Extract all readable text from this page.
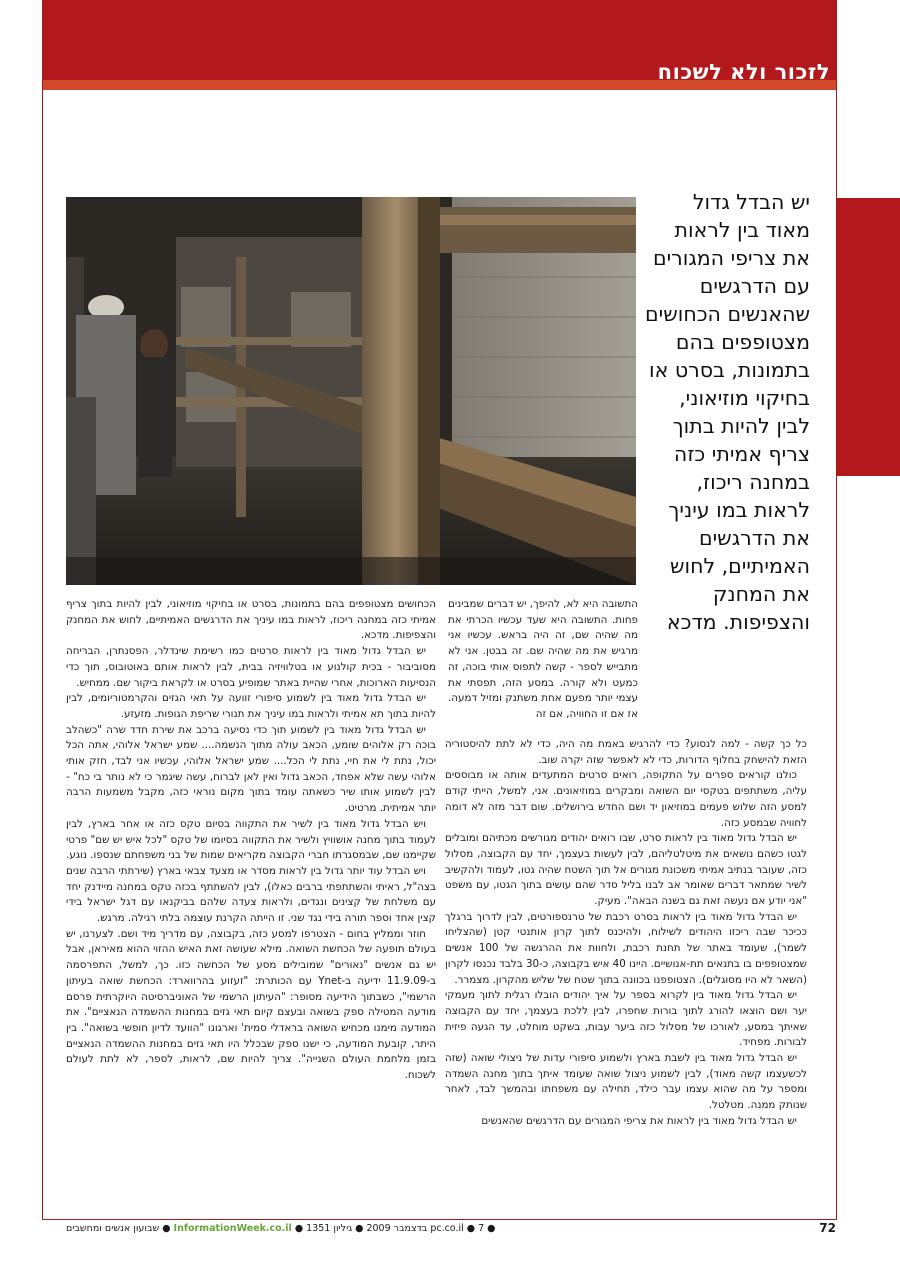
לזכור ולא לשכוח
יש הבדל גדול מאוד בין לראות את צריפי המגורים עם הדרגשים שהאנשים הכחושים מצטופפים בהם בתמונות, בסרט או בחיקוי מוזיאוני, לבין להיות בתוך צריף אמיתי כזה במחנה ריכוז, לראות במו עיניך את הדרגשים האמיתיים, לחוש את המחנק והצפיפות. מדכא

התשובה היא לא, להיפך, יש דברים שמבינים פחות. התשובה היא שעד עכשיו הכרתי את מה שהיה שם, זה היה בראש. עכשיו אני מרגיש את מה שהיה שם. זה בבטן. אני לא מתבייש לספר - קשה לתפוס אותי בוכה, זה כמעט ולא קורה. במסע הזה, תפסתי את עצמי יותר מפעם אחת משתנק ומזיל דמעה. אז אם זו החוויה, אם זה

כל כך קשה - למה לנסוע? כדי להרגיש באמת מה היה, כדי לא לתת להיסטוריה הזאת להישחק בחלוף הדורות, כדי לא לאפשר שזה יקרה שוב.

כולנו קוראים ספרים על התקופה, רואים סרטים המתעדים אותה או מבוססים עליה, משתתפים בטקסי יום השואה ומבקרים במוזיאונים. אני, למשל, הייתי קודם למסע הזה שלוש פעמים במוזיאון יד ושם החדש בירושלים. שום דבר מזה לא דומה לחוויה שבמסע כזה.

יש הבדל גדול מאוד בין לראות סרט, שבו רואים יהודים מגורשים מכתיהם ומובלים לגטו כשהם נושאים את מיטלטליהם, לבין לעשות בעצמך, יחד עם הקבוצה, מסלול כזה, שעובר בנתיב אמיתי משכונת מגורים אל תוך השטח שהיה גטו, לעמוד ולהקשיב לשיר שמתאר דברים שאומר אב לבנו בליל סדר שהם עושים בתוך הגטו, עם משפט "אני יודע אם נעשה זאת גם בשנה הבאה". מעיק.

יש הבדל גדול מאוד בין לראות בסרט רכבת של טרנספורטים, לבין לדרוך ברגלך ככיכר שבה ריכזו היהודים לשילוח, ולהיכנס לתוך קרון אותנטי קטן (שהצליחו לשמר), שעומד באתר של תחנת רכבת, ולחוות את ההרגשה של 100 אנשים שמצטופפים בו בתנאים תת-אנושיים. היינו 40 איש בקבוצה, כ-30 בלבד נכנסו לקרון (השאר לא היו מסוגלים). הצטופפנו בכוונה בתוך שטח של שליש מהקרון. מצמרר.

יש הבדל גדול מאוד בין לקרוא בספר על איך יהודים הובלו רגלית לתוך מעמקי יער ושם הוצאו להורג לתוך בורות שחפרו, לבין ללכת בעצמך, יחד עם הקבוצה שאיתך במסע, לאורכו של מסלול כזה ביער עבות, בשקט מוחלט, עד הגעה פיזית לבורות. מפחיד.

יש הבדל גדול מאוד בין לשבת בארץ ולשמוע סיפורי עדות של ניצולי שואה (שזה לכשעצמו קשה מאוד), לבין לשמוע ניצול שואה שעומד איתך בתוך מחנה השמדה ומספר על מה שהוא עצמו עבר כילד, תחילה עם משפחתו ובהמשך לבד, לאחר שנותק ממנה. מטלטל.

יש הבדל גדול מאוד בין לראות את צריפי המגורים עם הדרגשים שהאנשים

הכחושים מצטופפים בהם בתמונות, בסרט או בחיקוי מוזיאוני, לבין להיות בתוך צריף אמיתי כזה במחנה ריכוז, לראות במו עיניך את הדרגשים האמיתיים, לחוש את המחנק והצפיפות. מדכא.

יש הבדל גדול מאוד בין לראות סרטים כמו רשימת שינדלר, הפסנתרן, הבריחה מסוביבור - בכית קולנוע או בטלוויזיה בבית, לבין לראות אותם באוטובוס, תוך כדי הנסיעות הארוכות, אחרי שהיית באתר שמופיע בסרט או לקראת ביקור שם. ממחיש.

יש הבדל גדול מאוד בין לשמוע סיפורי זוועה על תאי הגזים והקרמטוריומים, לבין להיות בתוך תא אמיתי ולראות במו עיניך את תנורי שריפת הגופות. מזעזע.

יש הבדל גדול מאוד בין לשמוע תוך כדי נסיעה ברכב את שירת חדד שרה "כשהלב בוכה רק אלוהים שומע, הכאב עולה מתוך הנשמה.... שמע ישראל אלוהי, אתה הכל יכול, נתת לי את חיי, נתת לי הכל.... שמע ישראל אלוהי, עכשיו אני לבד, חזק אותי אלוהי עשה שלא אפחד, הכאב גדול ואין לאן לברוח, עשה שיגמר כי לא נותר בי כח" - לבין לשמוע אותו שיר כשאתה עומד בתוך מקום נוראי כזה, מקבל משמעות הרבה יותר אמיתית. מרטיט.

ויש הבדל גדול מאוד בין לשיר את התקווה בסיום טקס כזה או אחר בארץ, לבין לעמוד בתוך מחנה אושוויץ ולשיר את התקווה בסיומו של טקס "לכל איש יש שם" פרטי שקיימנו שם, שבמסגרתו חברי הקבוצה מקריאים שמות של בני משפחתם שנספו. נוגע.

ויש הבדל עוד יותר גדול בין לראות מסדר או מצעד צבאי בארץ (שירתתי הרבה שנים בצה"ל, ראיתי והשתתפתי ברבים כאלו), לבין להשתתף בכזה טקס במחנה מיידנק יחד עם משלחת של קצינים ונגדים, ולראות צעדה שלהם בביקנאו עם דגל ישראל בידי קצין אחד וספר תורה בידי נגד שני. זו הייתה הקרנת עוצמה בלתי רגילה. מרגש.

חוזר וממליץ בחום - הצטרפו למסע כזה, בקבוצה, עם מדריך מיד ושם. לצערנו, יש בעולם תופעה של הכחשת השואה. מילא שעושה זאת האיש ההזוי ההוא מאיראן, אבל יש גם אנשים "נאורים" שמובילים מסע של הכחשה כזו. כך, למשל, התפרסמה ב-11.9.09 ידיעה ב-Ynet עם הכותרת: "זעזוע בהרווארד: הכחשת שואה בעיתון הרשמי", כשבתוך הידיעה מסופר: "העיתון הרשמי של האוניברסיטה היוקרתית פרסם מודעה המטילה ספק בשואה ובעצם קיום תאי גזים במחנות ההשמדה הנאציים". את המודעה מימנו מכחיש השואה בראדלי סמית' וארגונו "הוועד לדיון חופשי בשואה". בין היתר, קובעת המודעה, כי ישנו ספק שבכלל היו תאי גזים במחנות ההשמדה הנאציים בזמן מלחמת העולם השנייה". צריך להיות שם, לראות, לספר, לא לתת לעולם לשכוח.

● pc.co.il ● 7 בדצמבר 2009 ● גיליון 1351 ● InformationWeek.co.il ● שבועון אנשים ומחשבים	72
